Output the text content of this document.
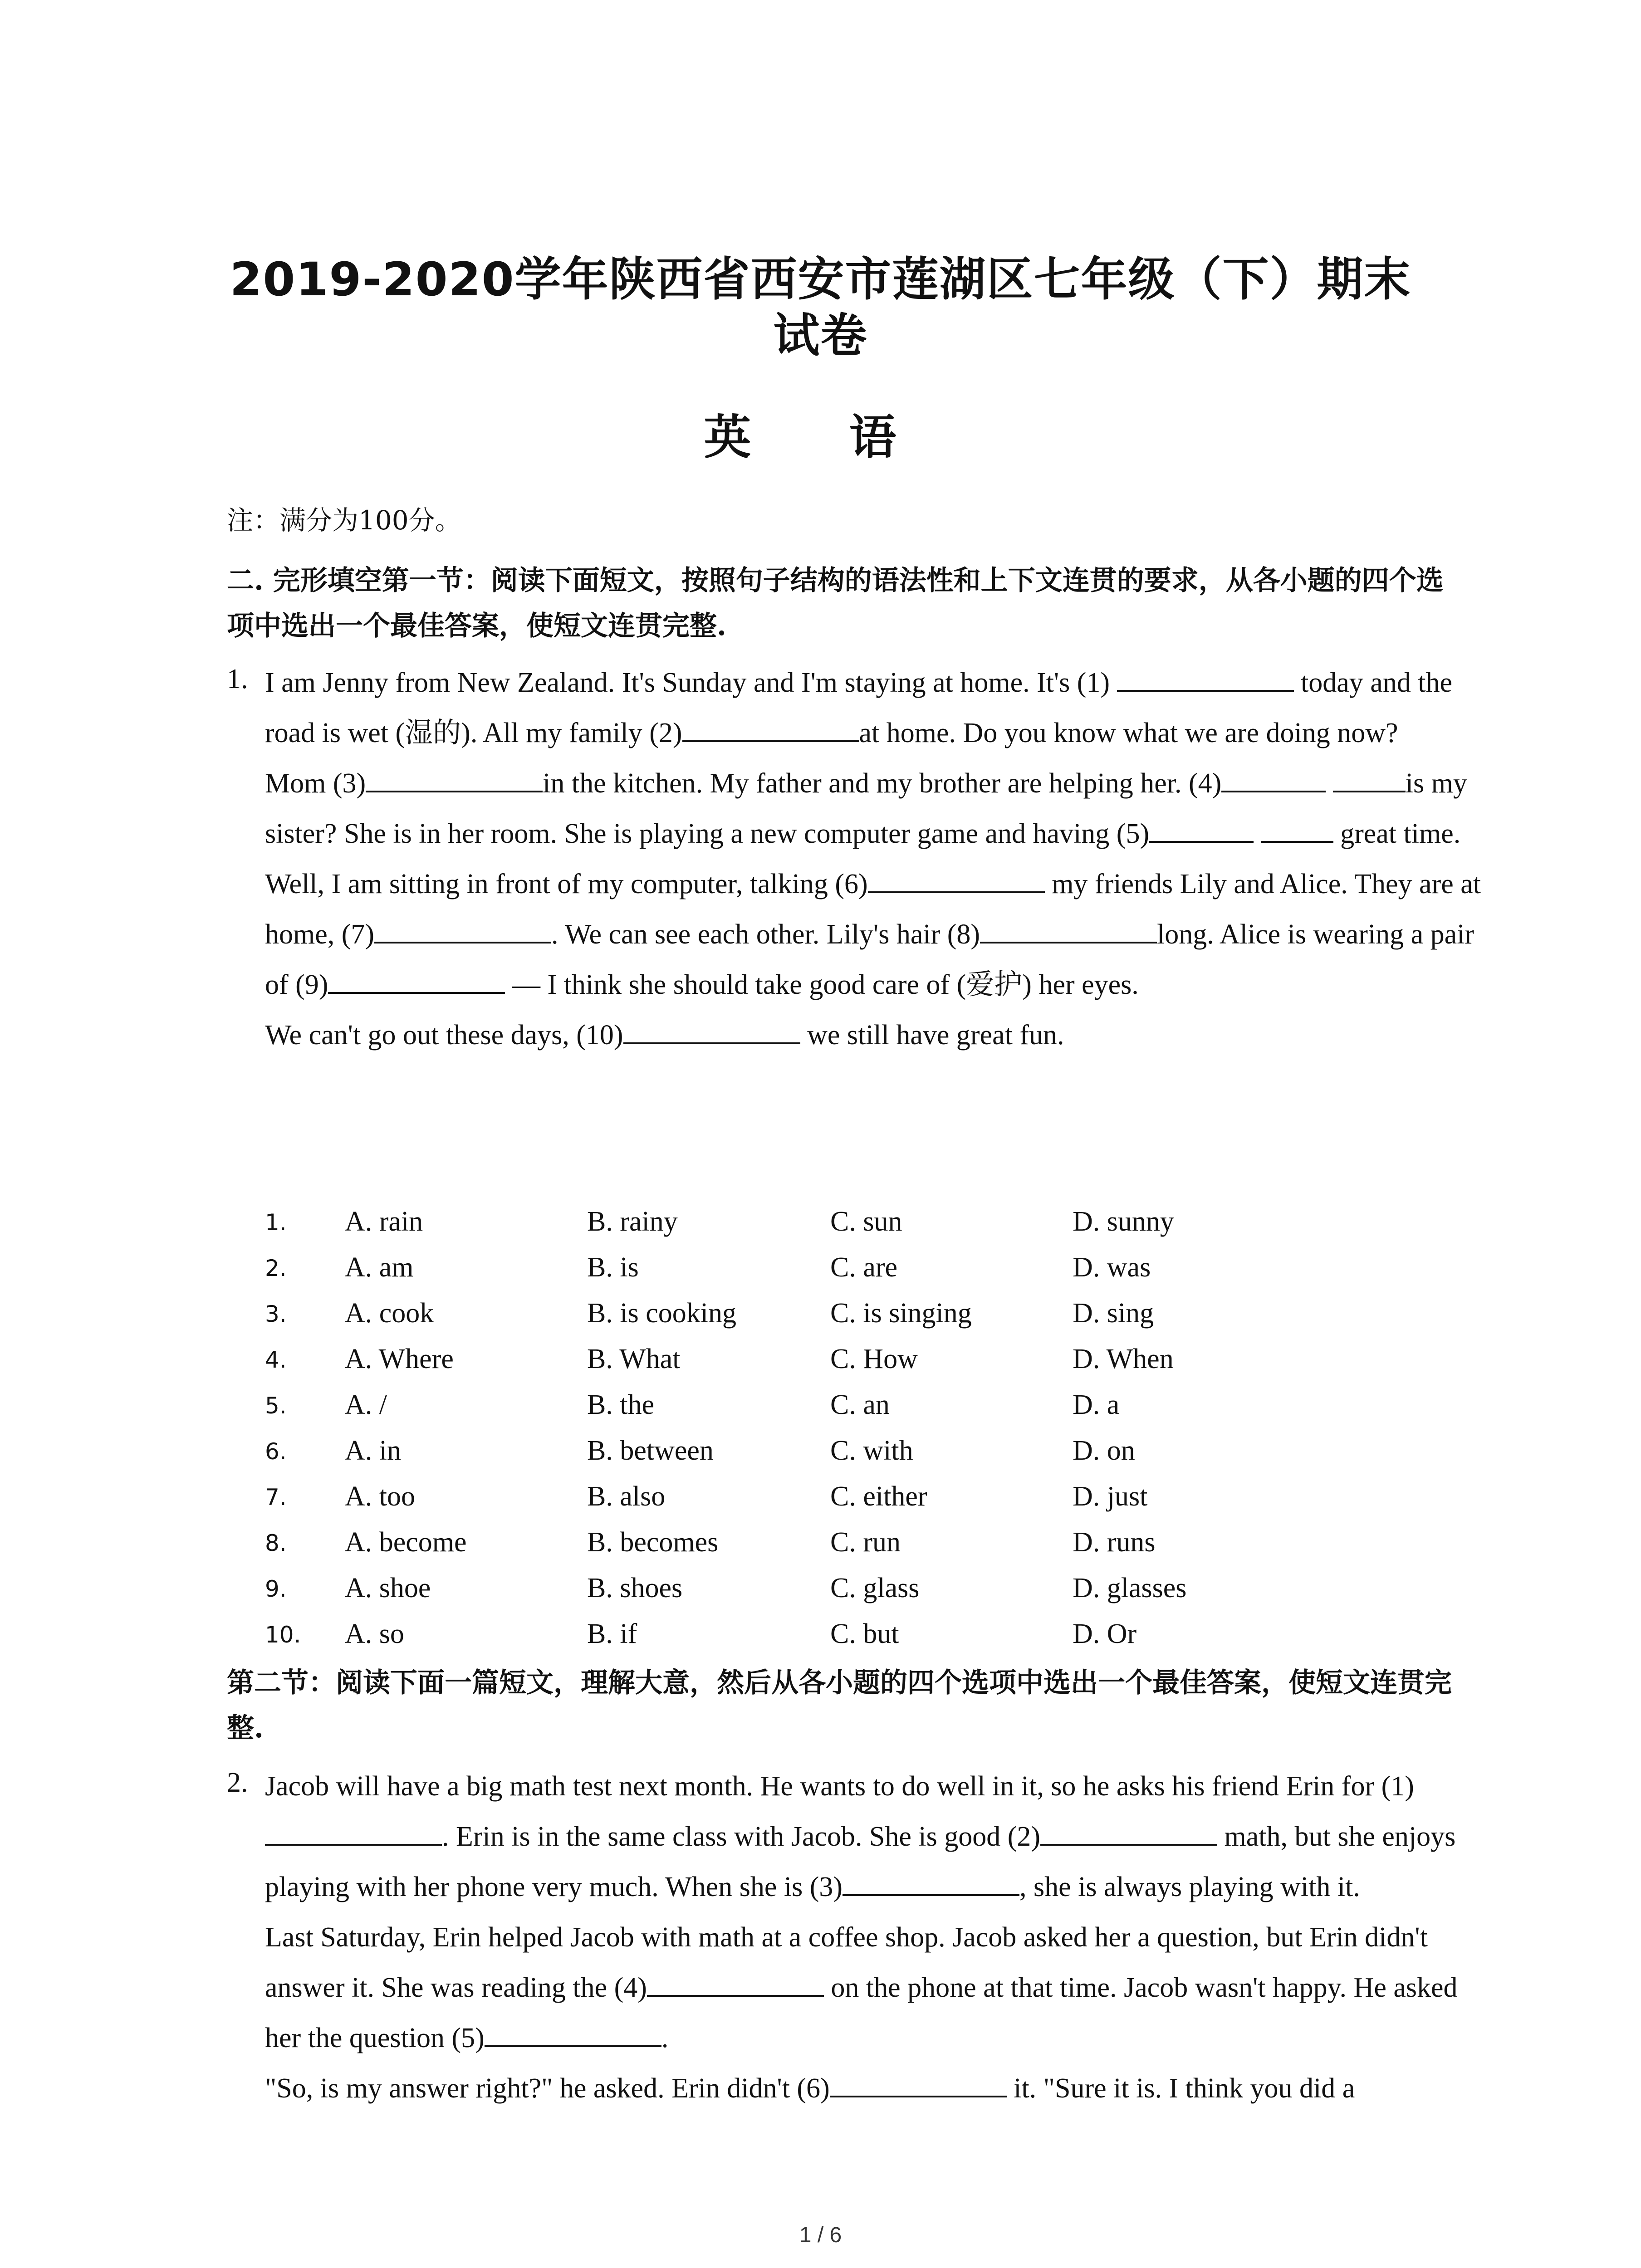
2019-2020学年陕西省西安市莲湖区七年级（下）期末
试卷
英 语
注：满分为100分。
二. 完形填空第一节：阅读下面短文，按照句子结构的语法性和上下文连贯的要求，从各小题的四个选项中选出一个最佳答案，使短文连贯完整.
1. I am Jenny from New Zealand. It's Sunday and I'm staying at home. It's (1)	today and the road is wet (湿的). All my family (2)	at home. Do you know what we are doing now?

Mom (3)	in the kitchen. My father and my brother are helping her. (4)	is my sister? She is in her room. She is playing a new computer game and having (5)	great time.

Well, I am sitting in front of my computer, talking (6)	my friends Lily and Alice. They are at home, (7)	. We can see each other. Lily's hair (8)	long. Alice is wearing a pair of (9)	— I think she should take good care of (爱护) her eyes.

We can't go out these days, (10)	we still have great fun.

1. A. rain	B. rainy	C. sun	D. sunny
2. A. am	B. is	C. are	D. was
3. A. cook	B. is cooking	C. is singing	D. sing
4. A. Where	B. What	C. How	D. When
5. A. /	B. the	C. an	D. a
6. A. in	B. between	C. with	D. on
7. A. too	B. also	C. either	D. just
8. A. become	B. becomes	C. run	D. runs
9. A. shoe	B. shoes	C. glass	D. glasses
10. A. so	B. if	C. but	D. Or
第二节：阅读下面一篇短文，理解大意，然后从各小题的四个选项中选出一个最佳答案，使短文连贯完整.
2. Jacob will have a big math test next month. He wants to do well in it, so he asks his friend Erin for (1) . Erin is in the same class with Jacob. She is good (2)	math, but she enjoys playing with her phone very much. When she is (3)	, she is always playing with it.

Last Saturday, Erin helped Jacob with math at a coffee shop. Jacob asked her a question, but Erin didn't answer it. She was reading the (4)	on the phone at that time. Jacob wasn't happy. He asked her the question (5)	.

"So, is my answer right?" he asked. Erin didn't (6)	it. "Sure it is. I think you did a

1 / 6
